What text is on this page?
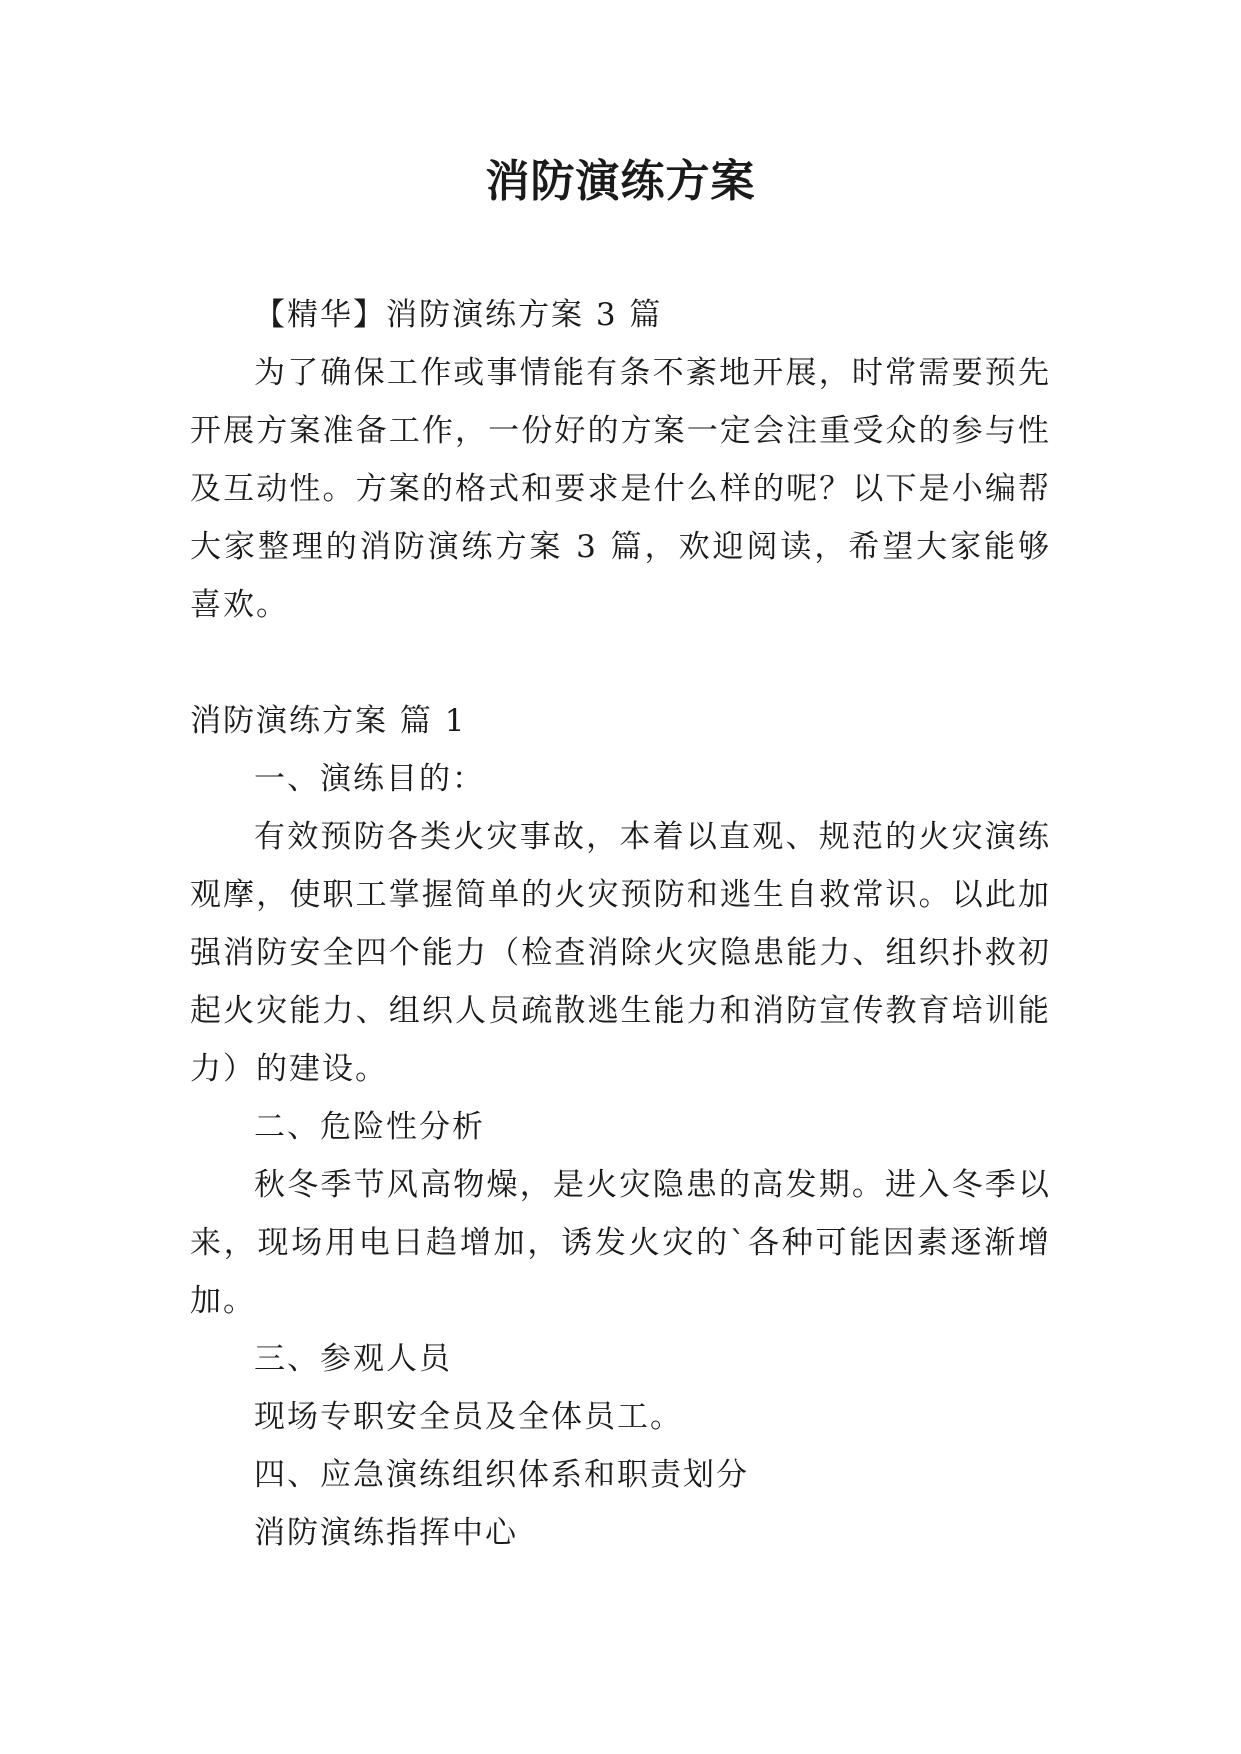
消防演练方案

【精华】消防演练方案 3 篇

为了确保工作或事情能有条不紊地开展，时常需要预先开展方案准备工作，一份好的方案一定会注重受众的参与性及互动性。方案的格式和要求是什么样的呢？以下是小编帮大家整理的消防演练方案 3 篇，欢迎阅读，希望大家能够喜欢。

消防演练方案 篇 1

一、演练目的：

有效预防各类火灾事故，本着以直观、规范的火灾演练观摩，使职工掌握简单的火灾预防和逃生自救常识。以此加强消防安全四个能力（检查消除火灾隐患能力、组织扑救初起火灾能力、组织人员疏散逃生能力和消防宣传教育培训能力）的建设。

二、危险性分析

秋冬季节风高物燥，是火灾隐患的高发期。进入冬季以来，现场用电日趋增加，诱发火灾的`各种可能因素逐渐增加。

三、参观人员

现场专职安全员及全体员工。

四、应急演练组织体系和职责划分

消防演练指挥中心
